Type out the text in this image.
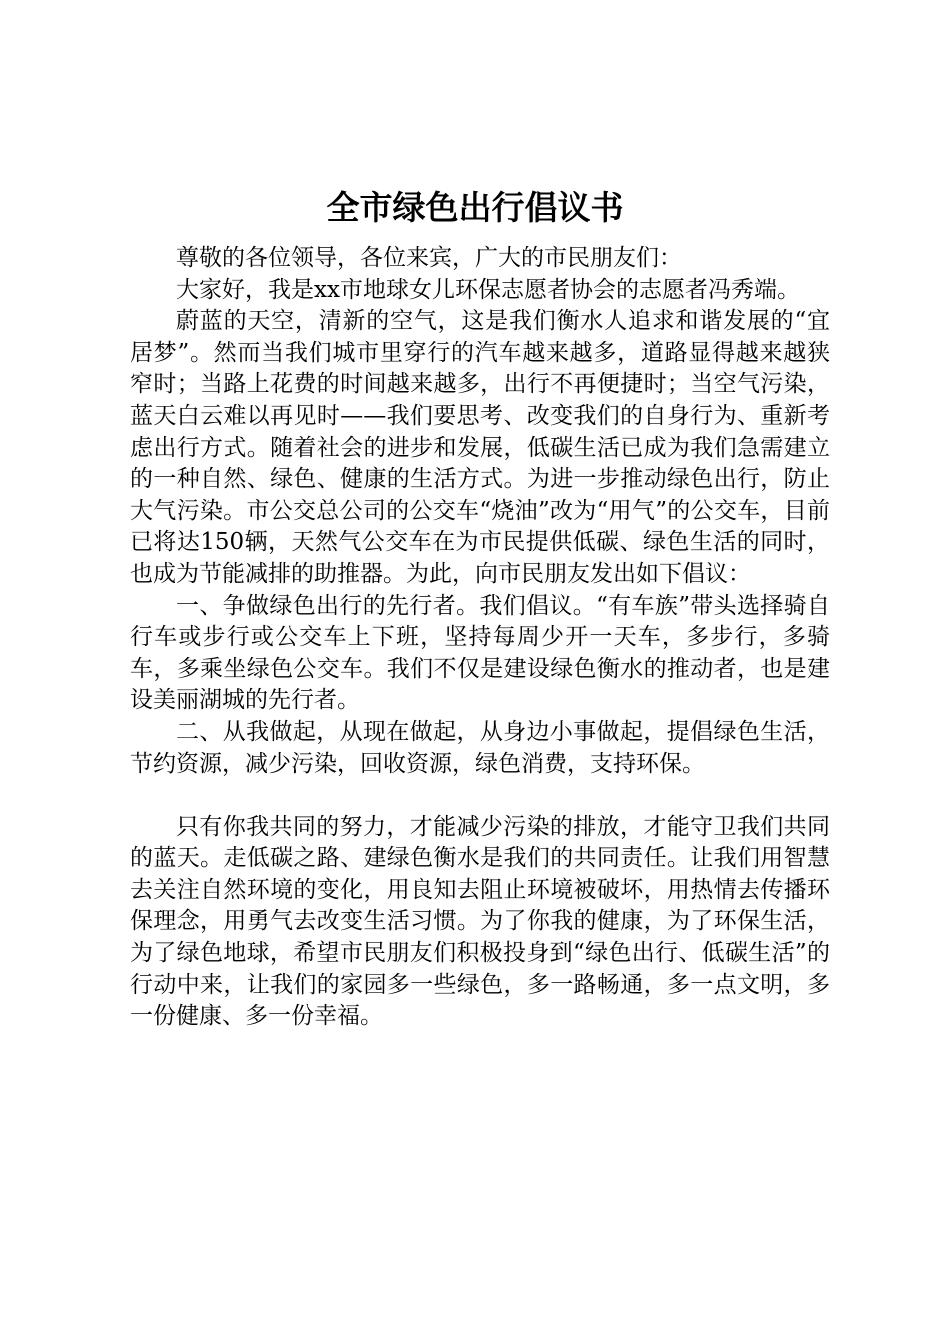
全市绿色出行倡议书

尊敬的各位领导，各位来宾，广大的市民朋友们：

大家好，我是xx市地球女儿环保志愿者协会的志愿者冯秀端。

蔚蓝的天空，清新的空气，这是我们衡水人追求和谐发展的“宜居梦”。然而当我们城市里穿行的汽车越来越多，道路显得越来越狭窄时；当路上花费的时间越来越多，出行不再便捷时；当空气污染，蓝天白云难以再见时——我们要思考、改变我们的自身行为、重新考虑出行方式。随着社会的进步和发展，低碳生活已成为我们急需建立的一种自然、绿色、健康的生活方式。为进一步推动绿色出行，防止大气污染。市公交总公司的公交车“烧油”改为“用气”的公交车，目前已将达150辆，天然气公交车在为市民提供低碳、绿色生活的同时，也成为节能减排的助推器。为此，向市民朋友发出如下倡议：

一、争做绿色出行的先行者。我们倡议。“有车族”带头选择骑自行车或步行或公交车上下班，坚持每周少开一天车，多步行，多骑车，多乘坐绿色公交车。我们不仅是建设绿色衡水的推动者，也是建设美丽湖城的先行者。

二、从我做起，从现在做起，从身边小事做起，提倡绿色生活，节约资源，减少污染，回收资源，绿色消费，支持环保。

只有你我共同的努力，才能减少污染的排放，才能守卫我们共同的蓝天。走低碳之路、建绿色衡水是我们的共同责任。让我们用智慧去关注自然环境的变化，用良知去阻止环境被破坏，用热情去传播环保理念，用勇气去改变生活习惯。为了你我的健康，为了环保生活，为了绿色地球，希望市民朋友们积极投身到“绿色出行、低碳生活”的行动中来，让我们的家园多一些绿色，多一路畅通，多一点文明，多一份健康、多一份幸福。
